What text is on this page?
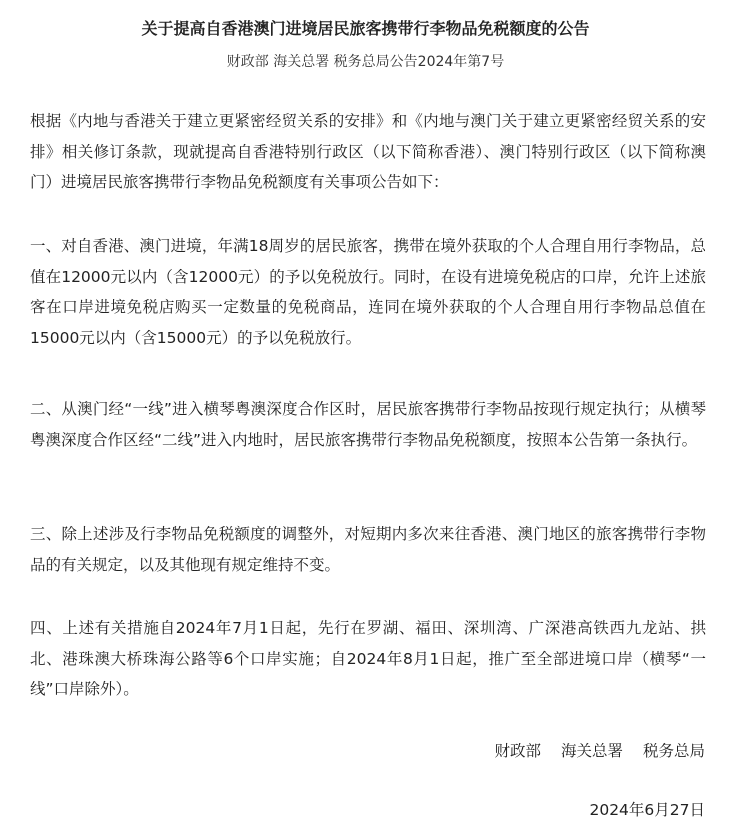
关于提高自香港澳门进境居民旅客携带行李物品免税额度的公告
财政部 海关总署 税务总局公告2024年第7号

根据《内地与香港关于建立更紧密经贸关系的安排》和《内地与澳门关于建立更紧密经贸关系的安排》相关修订条款，现就提高自香港特别行政区（以下简称香港）、澳门特别行政区（以下简称澳门）进境居民旅客携带行李物品免税额度有关事项公告如下：

一、对自香港、澳门进境，年满18周岁的居民旅客，携带在境外获取的个人合理自用行李物品，总值在12000元以内（含12000元）的予以免税放行。同时，在设有进境免税店的口岸，允许上述旅客在口岸进境免税店购买一定数量的免税商品，连同在境外获取的个人合理自用行李物品总值在15000元以内（含15000元）的予以免税放行。

二、从澳门经“一线”进入横琴粤澳深度合作区时，居民旅客携带行李物品按现行规定执行；从横琴粤澳深度合作区经“二线”进入内地时，居民旅客携带行李物品免税额度，按照本公告第一条执行。

三、除上述涉及行李物品免税额度的调整外，对短期内多次来往香港、澳门地区的旅客携带行李物品的有关规定，以及其他现有规定维持不变。

四、上述有关措施自2024年7月1日起，先行在罗湖、福田、深圳湾、广深港高铁西九龙站、拱北、港珠澳大桥珠海公路等6个口岸实施；自2024年8月1日起，推广至全部进境口岸（横琴“一线”口岸除外）。

财政部 海关总署 税务总局
2024年6月27日
